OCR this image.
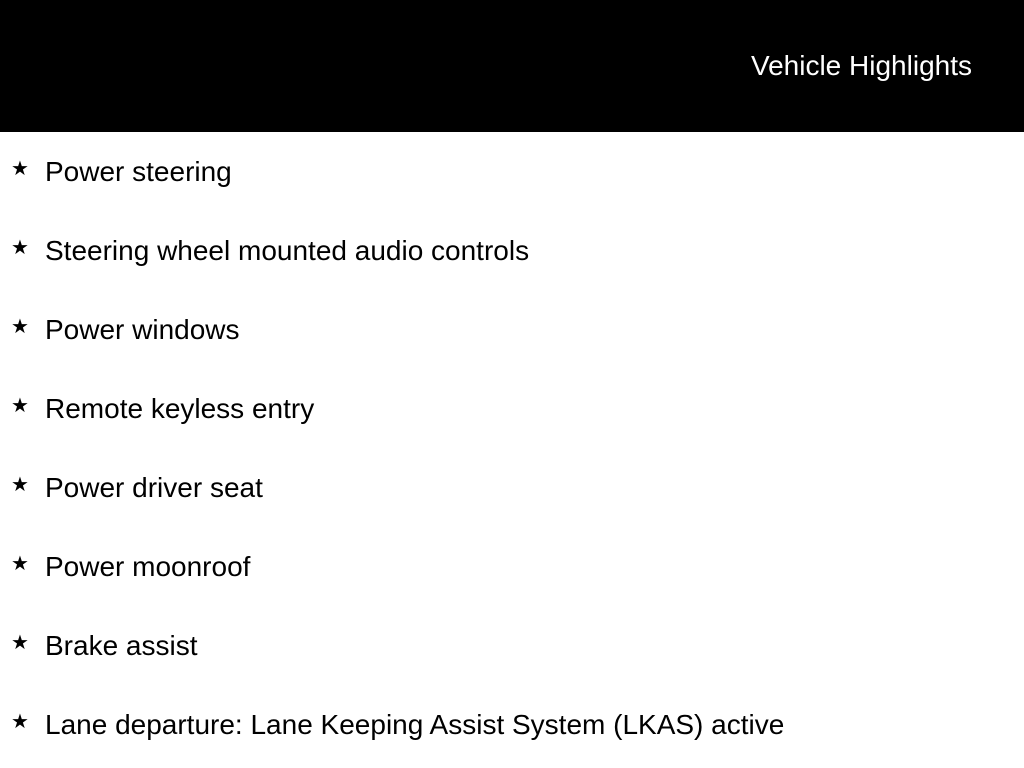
Vehicle Highlights
★ Power steering
★ Steering wheel mounted audio controls
★ Power windows
★ Remote keyless entry
★ Power driver seat
★ Power moonroof
★ Brake assist
★ Lane departure: Lane Keeping Assist System (LKAS) active
